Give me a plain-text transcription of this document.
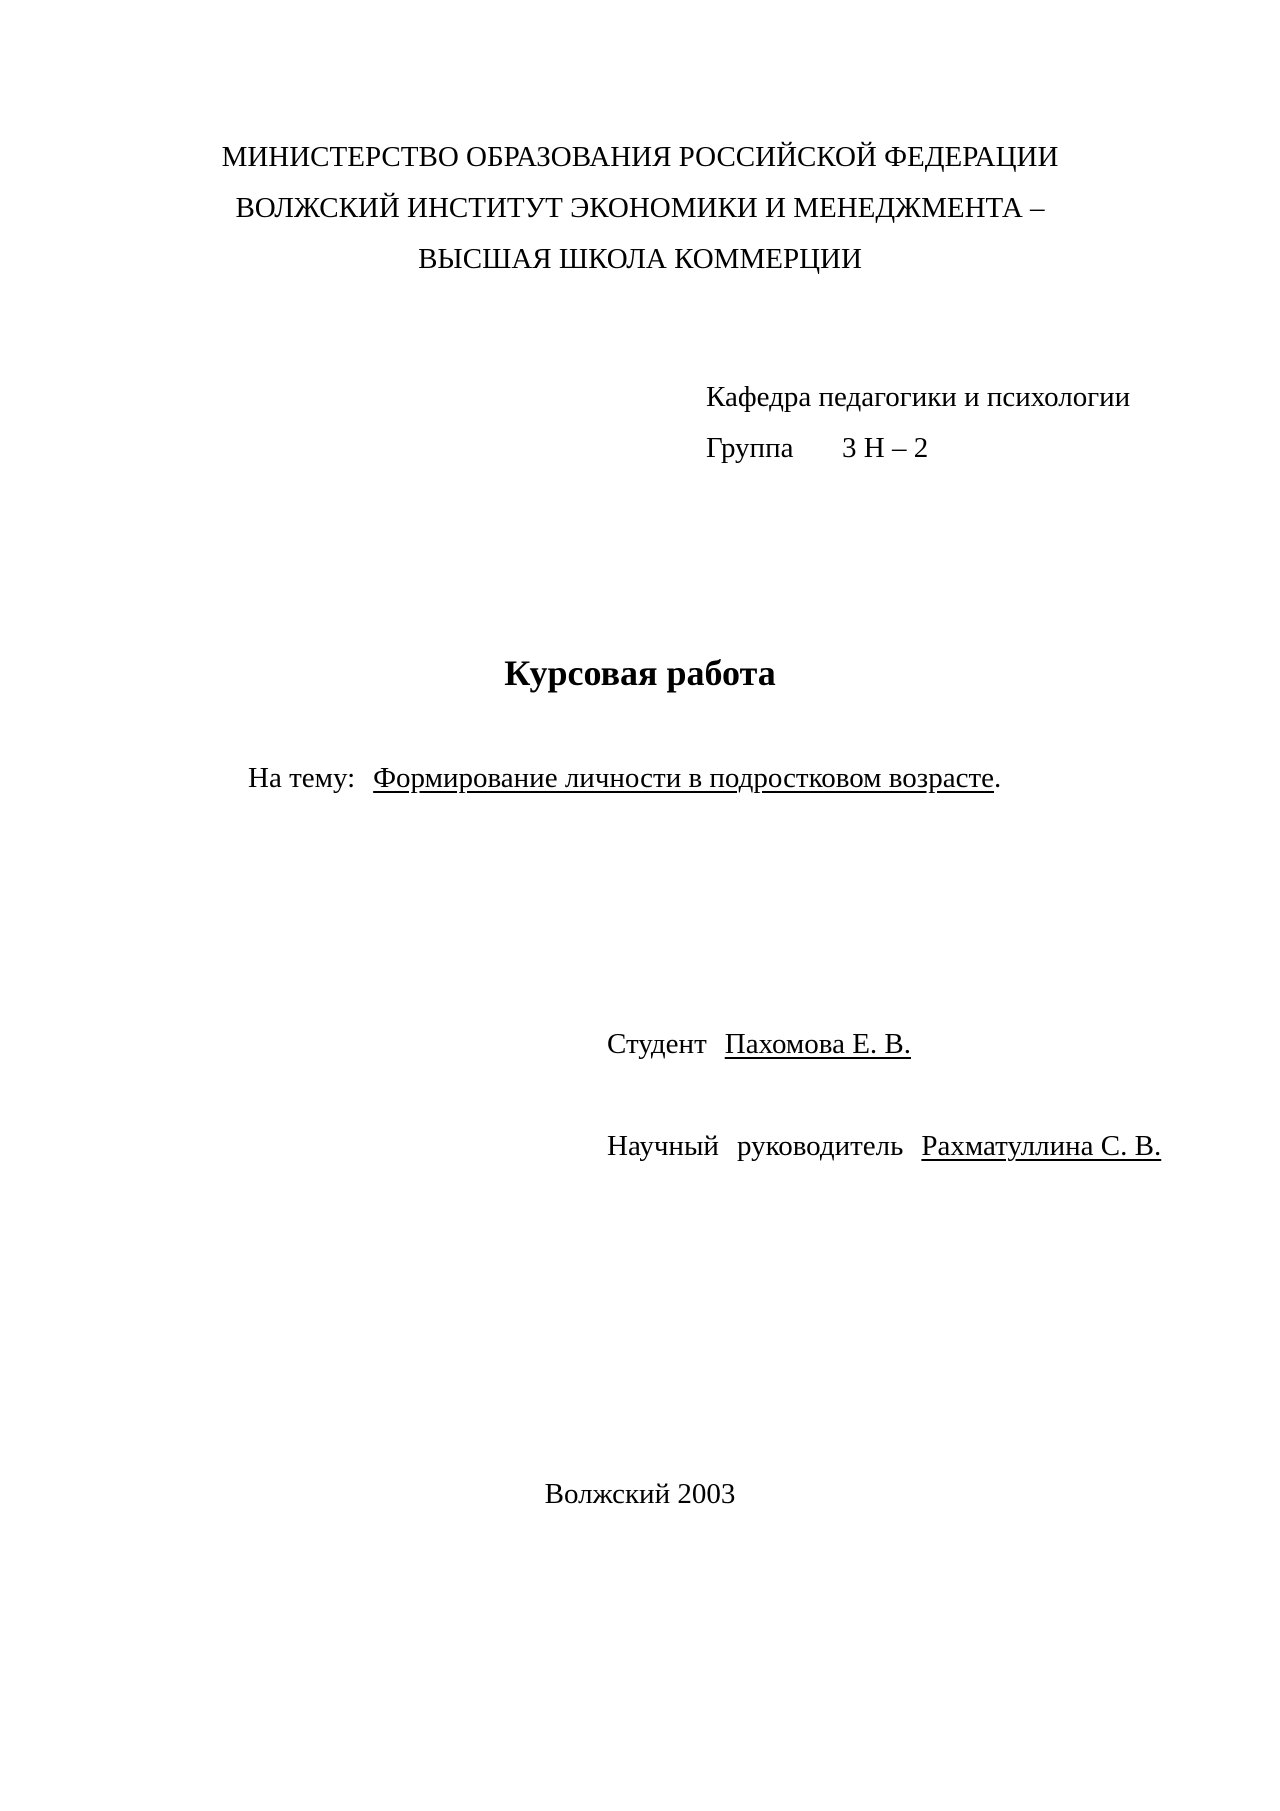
МИНИСТЕРСТВО ОБРАЗОВАНИЯ РОССИЙСКОЙ ФЕДЕРАЦИИ
ВОЛЖСКИЙ ИНСТИТУТ ЭКОНОМИКИ И МЕНЕДЖМЕНТА –
ВЫСШАЯ ШКОЛА КОММЕРЦИИ
Кафедра педагогики и психологии
Группа 3 Н – 2
Курсовая работа
На тему: Формирование личности в подростковом возрасте.
Студент Пахомова Е. В.
Научный руководитель Рахматуллина С. В.
Волжский 2003
